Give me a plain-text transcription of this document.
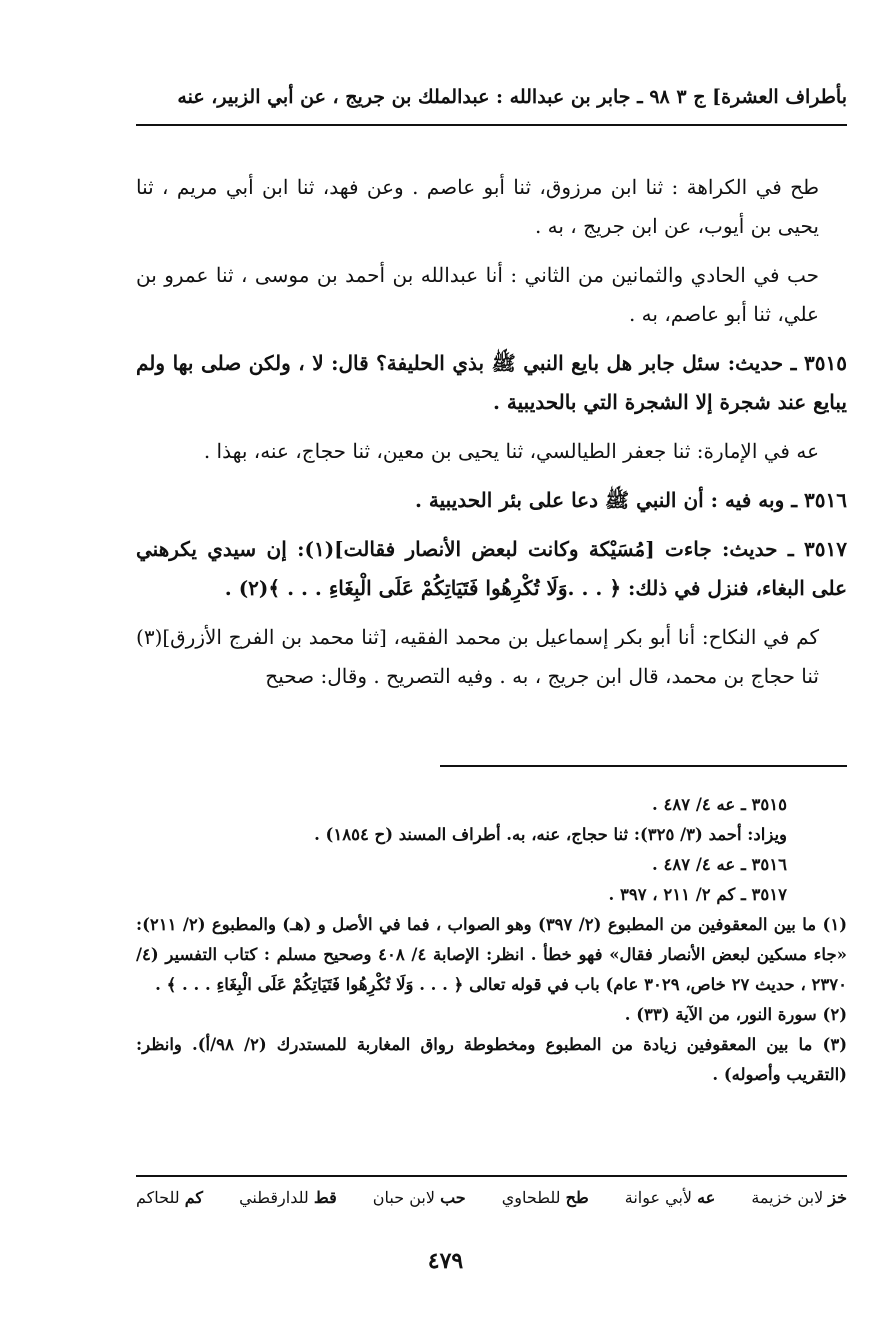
بأطراف العشرة] ج ٣ ٩٨ ـ جابر بن عبدالله : عبدالملك بن جريج ، عن أبي الزبير، عنه

طح في الكراهة : ثنا ابن مرزوق، ثنا أبو عاصم . وعن فهد، ثنا ابن أبي مريم ، ثنا يحيى بن أيوب، عن ابن جريج ، به .

حب في الحادي والثمانين من الثاني : أنا عبدالله بن أحمد بن موسى ، ثنا عمرو بن علي، ثنا أبو عاصم، به .

٣٥١٥ ـ حديث: سئل جابر هل بايع النبي ﷺ بذي الحليفة؟ قال: لا ، ولكن صلى بها ولم يبايع عند شجرة إلا الشجرة التي بالحديبية .

عه في الإمارة: ثنا جعفر الطيالسي، ثنا يحيى بن معين، ثنا حجاج، عنه، بهذا .

٣٥١٦ ـ وبه فيه : أن النبي ﷺ دعا على بئر الحديبية .

٣٥١٧ ـ حديث: جاءت [مُسَيْكة وكانت لبعض الأنصار فقالت](١): إن سيدي يكرهني على البغاء، فنزل في ذلك: ﴿ . . .وَلَا تُكْرِهُوا فَتَيَاتِكُمْ عَلَى الْبِغَاءِ . . . ﴾(٢) .

كم في النكاح: أنا أبو بكر إسماعيل بن محمد الفقيه، [ثنا محمد بن الفرج الأزرق](٣) ثنا حجاج بن محمد، قال ابن جريج ، به . وفيه التصريح . وقال: صحيح

٣٥١٥ ـ عه ٤/ ٤٨٧ .

ويزاد: أحمد (٣/ ٣٢٥): ثنا حجاج، عنه، به. أطراف المسند (ح ١٨٥٤) .

٣٥١٦ ـ عه ٤/ ٤٨٧ .

٣٥١٧ ـ كم ٢/ ٢١١ ، ٣٩٧ .

(١) ما بين المعقوفين من المطبوع (٢/ ٣٩٧) وهو الصواب ، فما في الأصل و (هـ) والمطبوع (٢/ ٢١١): «جاء مسكين لبعض الأنصار فقال» فهو خطأ . انظر: الإصابة ٤/ ٤٠٨ وصحيح مسلم : كتاب التفسير (٤/ ٢٣٧٠ ، حديث ٢٧ خاص، ٣٠٢٩ عام) باب في قوله تعالى ﴿ . . . وَلَا تُكْرِهُوا فَتَيَاتِكُمْ عَلَى الْبِغَاءِ . . . ﴾ .

(٢) سورة النور، من الآية (٣٣) .

(٣) ما بين المعقوفين زيادة من المطبوع ومخطوطة رواق المغاربة للمستدرك (٢/ ٩٨/أ). وانظر: (التقريب وأصوله) .

خز لابن خزيمة
عه لأبي عوانة
طح للطحاوي
حب لابن حبان
قط للدارقطني
كم للحاكم
٤٧٩
